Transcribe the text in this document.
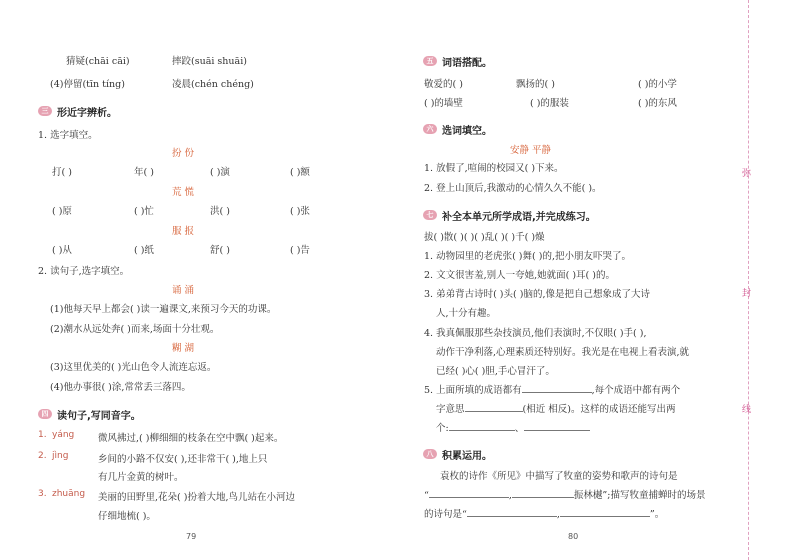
猜疑(chāi cāi)	摔跤(suāi shuāi)
(4)停留(tīn tíng)	凌晨(chén chéng)
三 形近字辨析。
1. 选字填空。
扮 份
打( )	年( )	( )演	( )额
荒 慌
( )原	( )忙	洪( )	( )张
服 报
( )从	( )纸	舒( )	( )告
2. 读句子,选字填空。
诵 涌
(1)他每天早上都会( )读一遍课文,来预习今天的功课。
(2)潮水从远处奔( )而来,场面十分壮观。
糊 湖
(3)这里优美的( )光山色令人流连忘返。
(4)他办事很( )涂,常常丢三落四。
四 读句子,写同音字。
1. yáng 微风拂过,( )柳细细的枝条在空中飘( )起来。
2. jìng	乡间的小路不仅安( ),还非常干( ),地上只
有几片金黄的树叶。
3. zhuāng 美丽的田野里,花朵( )扮着大地,鸟儿站在小河边
仔细地梳( )。
79
五 词语搭配。
敬爱的( )	飘扬的( )	( )的小学
( )的墙壁	( )的服装	( )的东风
六 选词填空。
安静 平静
1. 放假了,喧闹的校园又( )下来。
2. 登上山顶后,我激动的心情久久不能( )。
七 补全本单元所学成语,并完成练习。
拔( )散( )( )( )乱( )( )千( )燥
1. 动物园里的老虎张( )舞( )的,把小朋友吓哭了。
2. 文文很害羞,别人一夸她,她就面( )耳( )的。
3. 弟弟背古诗时( )头( )脑的,像是把自己想象成了大诗
人,十分有趣。
4. 我真佩服那些杂技演员,他们表演时,不仅眼( )手( ),
动作干净利落,心理素质还特别好。我光是在电视上看表演,就
已经( )心( )胆,手心冒汗了。
5. 上面所填的成语都有	,每个成语中都有两个
字意思	(相近 相反)。这样的成语还能写出两
个:	、
八 积累运用。
袁枚的诗作《所见》中描写了牧童的姿势和歌声的诗句是
“	,	振林樾”;描写牧童捕蝉时的场景
的诗句是“	,	”。
80
弥
封
线
